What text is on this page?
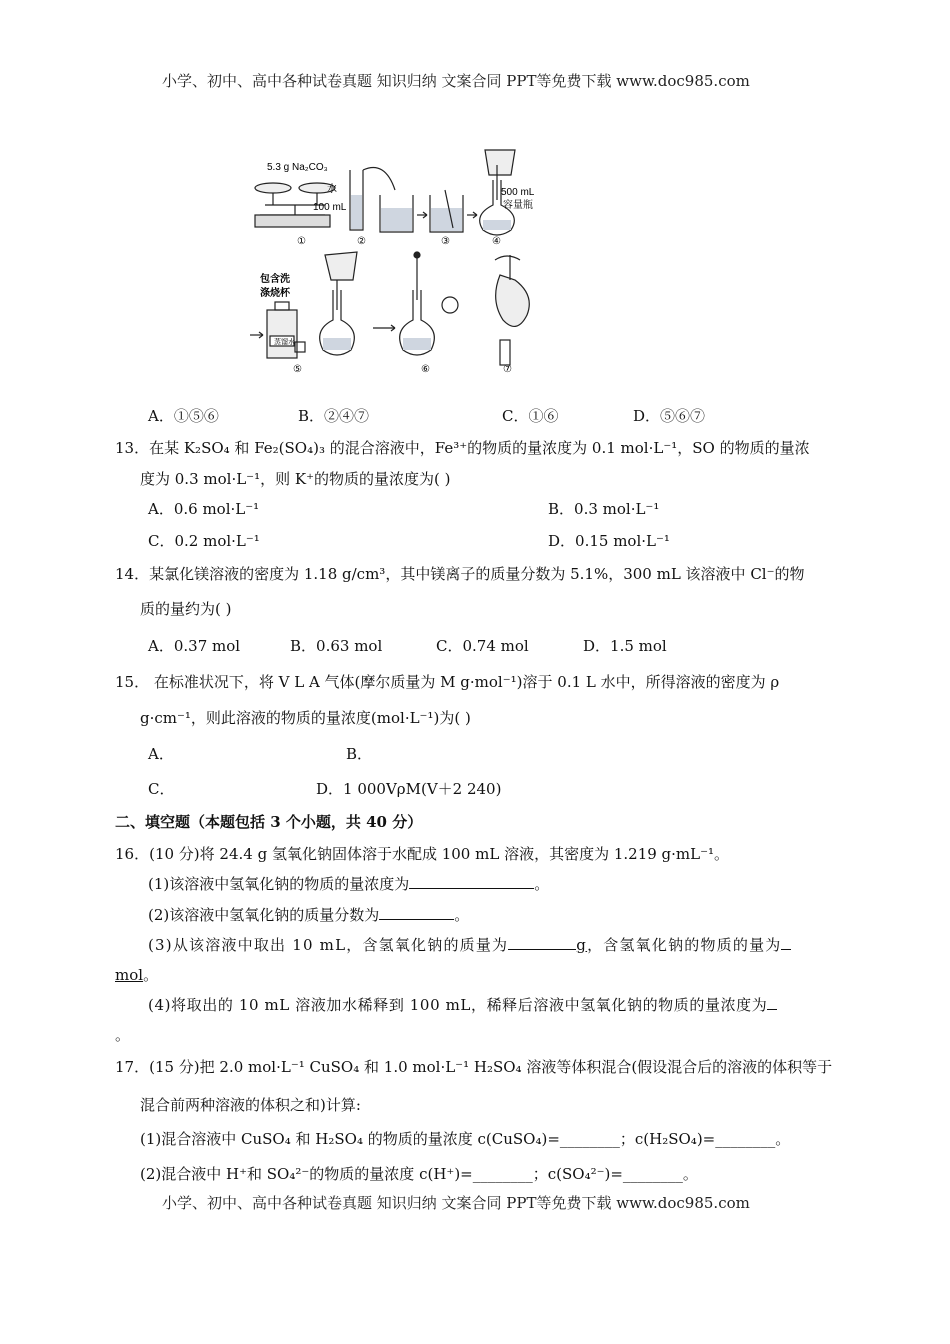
小学、初中、高中各种试卷真题 知识归纳 文案合同 PPT等免费下载 www.doc985.com
5.3 g Na₂CO₃
水
100 mL
500 mL
容量瓶
包含洗
涤烧杯
蒸馏水
①	②	③	④
⑤	⑥	⑦
A．①⑤⑥	B．②④⑦	C．①⑥	D．⑤⑥⑦
13．在某 K₂SO₄ 和 Fe₂(SO₄)₃ 的混合溶液中，Fe³⁺的物质的量浓度为 0.1 mol·L⁻¹，SO 的物质的量浓
度为 0.3 mol·L⁻¹，则 K⁺的物质的量浓度为( )
A．0.6 mol·L⁻¹	B．0.3 mol·L⁻¹
C．0.2 mol·L⁻¹	D．0.15 mol·L⁻¹
14．某氯化镁溶液的密度为 1.18 g/cm³，其中镁离子的质量分数为 5.1%，300 mL 该溶液中 Cl⁻的物
质的量约为( )
A．0.37 mol	B．0.63 mol	C．0.74 mol	D．1.5 mol
15． 在标准状况下，将 V L A 气体(摩尔质量为 M g·mol⁻¹)溶于 0.1 L 水中，所得溶液的密度为 ρ
g·cm⁻¹，则此溶液的物质的量浓度(mol·L⁻¹)为( )
A．	B．
C．	D．1 000VρM(V＋2 240)
二、填空题（本题包括 3 个小题，共 40 分）
16．(10 分)将 24.4 g 氢氧化钠固体溶于水配成 100 mL 溶液，其密度为 1.219 g·mL⁻¹。
(1)该溶液中氢氧化钠的物质的量浓度为	。
(2)该溶液中氢氧化钠的质量分数为	。
(3)从该溶液中取出 10 mL，含氢氧化钠的质量为	g，含氢氧化钠的物质的量为
mol。
(4)将取出的 10 mL 溶液加水稀释到 100 mL，稀释后溶液中氢氧化钠的物质的量浓度为
。
17．(15 分)把 2.0 mol·L⁻¹ CuSO₄ 和 1.0 mol·L⁻¹ H₂SO₄ 溶液等体积混合(假设混合后的溶液的体积等于
混合前两种溶液的体积之和)计算:
(1)混合溶液中 CuSO₄ 和 H₂SO₄ 的物质的量浓度 c(CuSO₄)=________；c(H₂SO₄)=________。
(2)混合液中 H⁺和 SO₄²⁻的物质的量浓度 c(H⁺)=________；c(SO₄²⁻)=________。
小学、初中、高中各种试卷真题 知识归纳 文案合同 PPT等免费下载 www.doc985.com
